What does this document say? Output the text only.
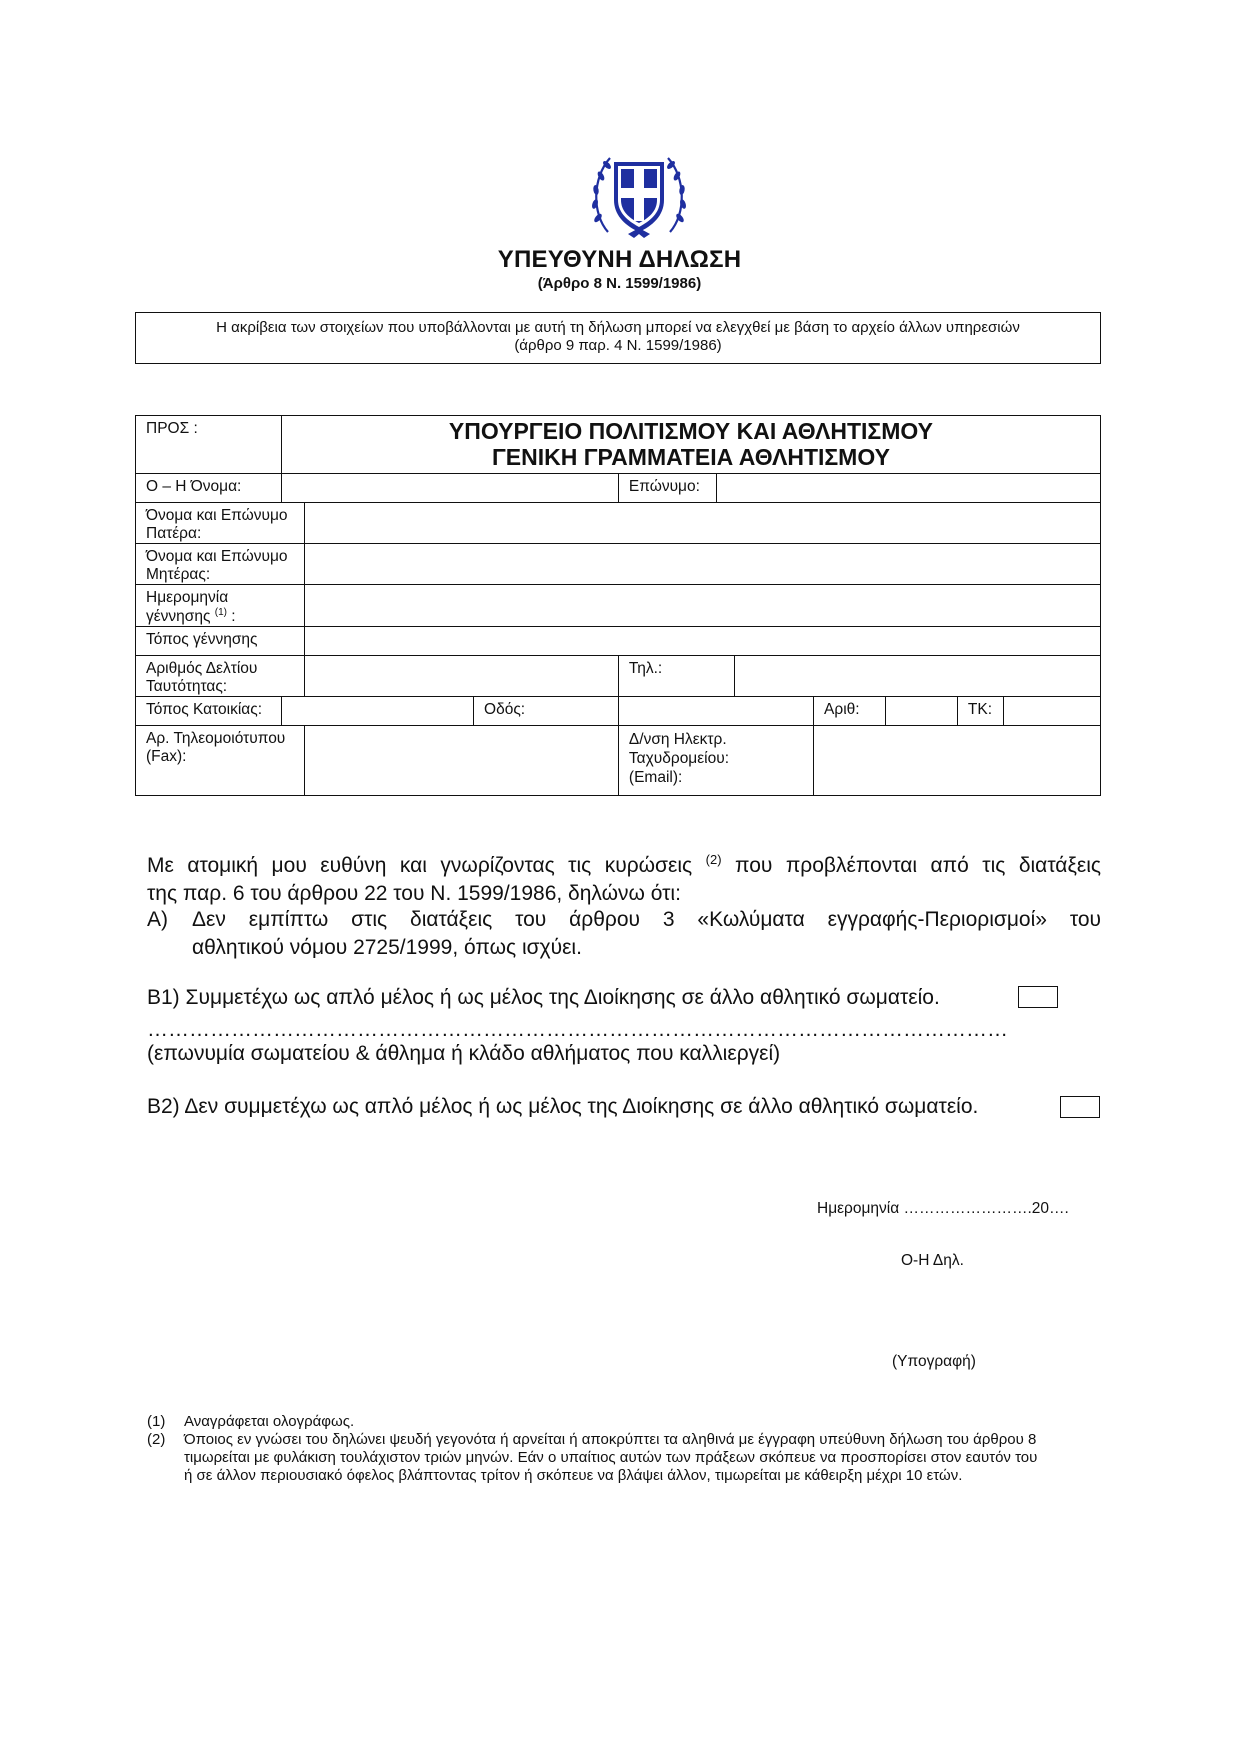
ΥΠΕΥΘΥΝΗ ΔΗΛΩΣΗ
(Άρθρο 8 Ν. 1599/1986)
Η ακρίβεια των στοιχείων που υποβάλλονται με αυτή τη δήλωση μπορεί να ελεγχθεί με βάση το αρχείο άλλων υπηρεσιών
(άρθρο 9 παρ. 4 Ν. 1599/1986)
ΠΡΟΣ :	ΥΠΟΥΡΓΕΙΟ ΠΟΛΙΤΙΣΜΟΥ ΚΑΙ ΑΘΛΗΤΙΣΜΟΥ
ΓΕΝΙΚΗ ΓΡΑΜΜΑΤΕΙΑ ΑΘΛΗΤΙΣΜΟΥ									

Ο – Η Όνομα:				Επώνυμο:						
Όνομα και Επώνυμο Πατέρα:										
Όνομα και Επώνυμο Μητέρας:										
Ημερομηνία γέννησης $^{(1)}$ :										
Τόπος γέννησης										
Αριθμός Δελτίου Ταυτότητας:				Τηλ.:						
Τόπος Κατοικίας:			Οδός:				Αριθ:		ΤΚ:	
Αρ. Τηλεομοιότυπου (Fax):				Δ/νση Ηλεκτρ.
Ταχυδρομείου:
(Email):						

Με ατομική μου ευθύνη και γνωρίζοντας τις κυρώσεις $^{(2)}$ που προβλέπονται από τις διατάξεις
της παρ. 6 του άρθρου 22 του Ν. 1599/1986, δηλώνω ότι:
Α) Δεν εμπίπτω στις διατάξεις του άρθρου 3 «Κωλύματα εγγραφής-Περιορισμοί» του
αθλητικού νόμου 2725/1999, όπως ισχύει.
Β1) Συμμετέχω ως απλό μέλος ή ως μέλος της Διοίκησης σε άλλο αθλητικό σωματείο.
……………………………………………………………………………………………………………
(επωνυμία σωματείου & άθλημα ή κλάδο αθλήματος που καλλιεργεί)
Β2) Δεν συμμετέχω ως απλό μέλος ή ως μέλος της Διοίκησης σε άλλο αθλητικό σωματείο.
Ημερομηνία …………………….20….
Ο-Η Δηλ.
(Υπογραφή)
(1) Αναγράφεται ολογράφως.
(2) Όποιος εν γνώσει του δηλώνει ψευδή γεγονότα ή αρνείται ή αποκρύπτει τα αληθινά με έγγραφη υπεύθυνη δήλωση του άρθρου 8
τιμωρείται με φυλάκιση τουλάχιστον τριών μηνών. Εάν ο υπαίτιος αυτών των πράξεων σκόπευε να προσπορίσει στον εαυτόν του
ή σε άλλον περιουσιακό όφελος βλάπτοντας τρίτον ή σκόπευε να βλάψει άλλον, τιμωρείται με κάθειρξη μέχρι 10 ετών.
